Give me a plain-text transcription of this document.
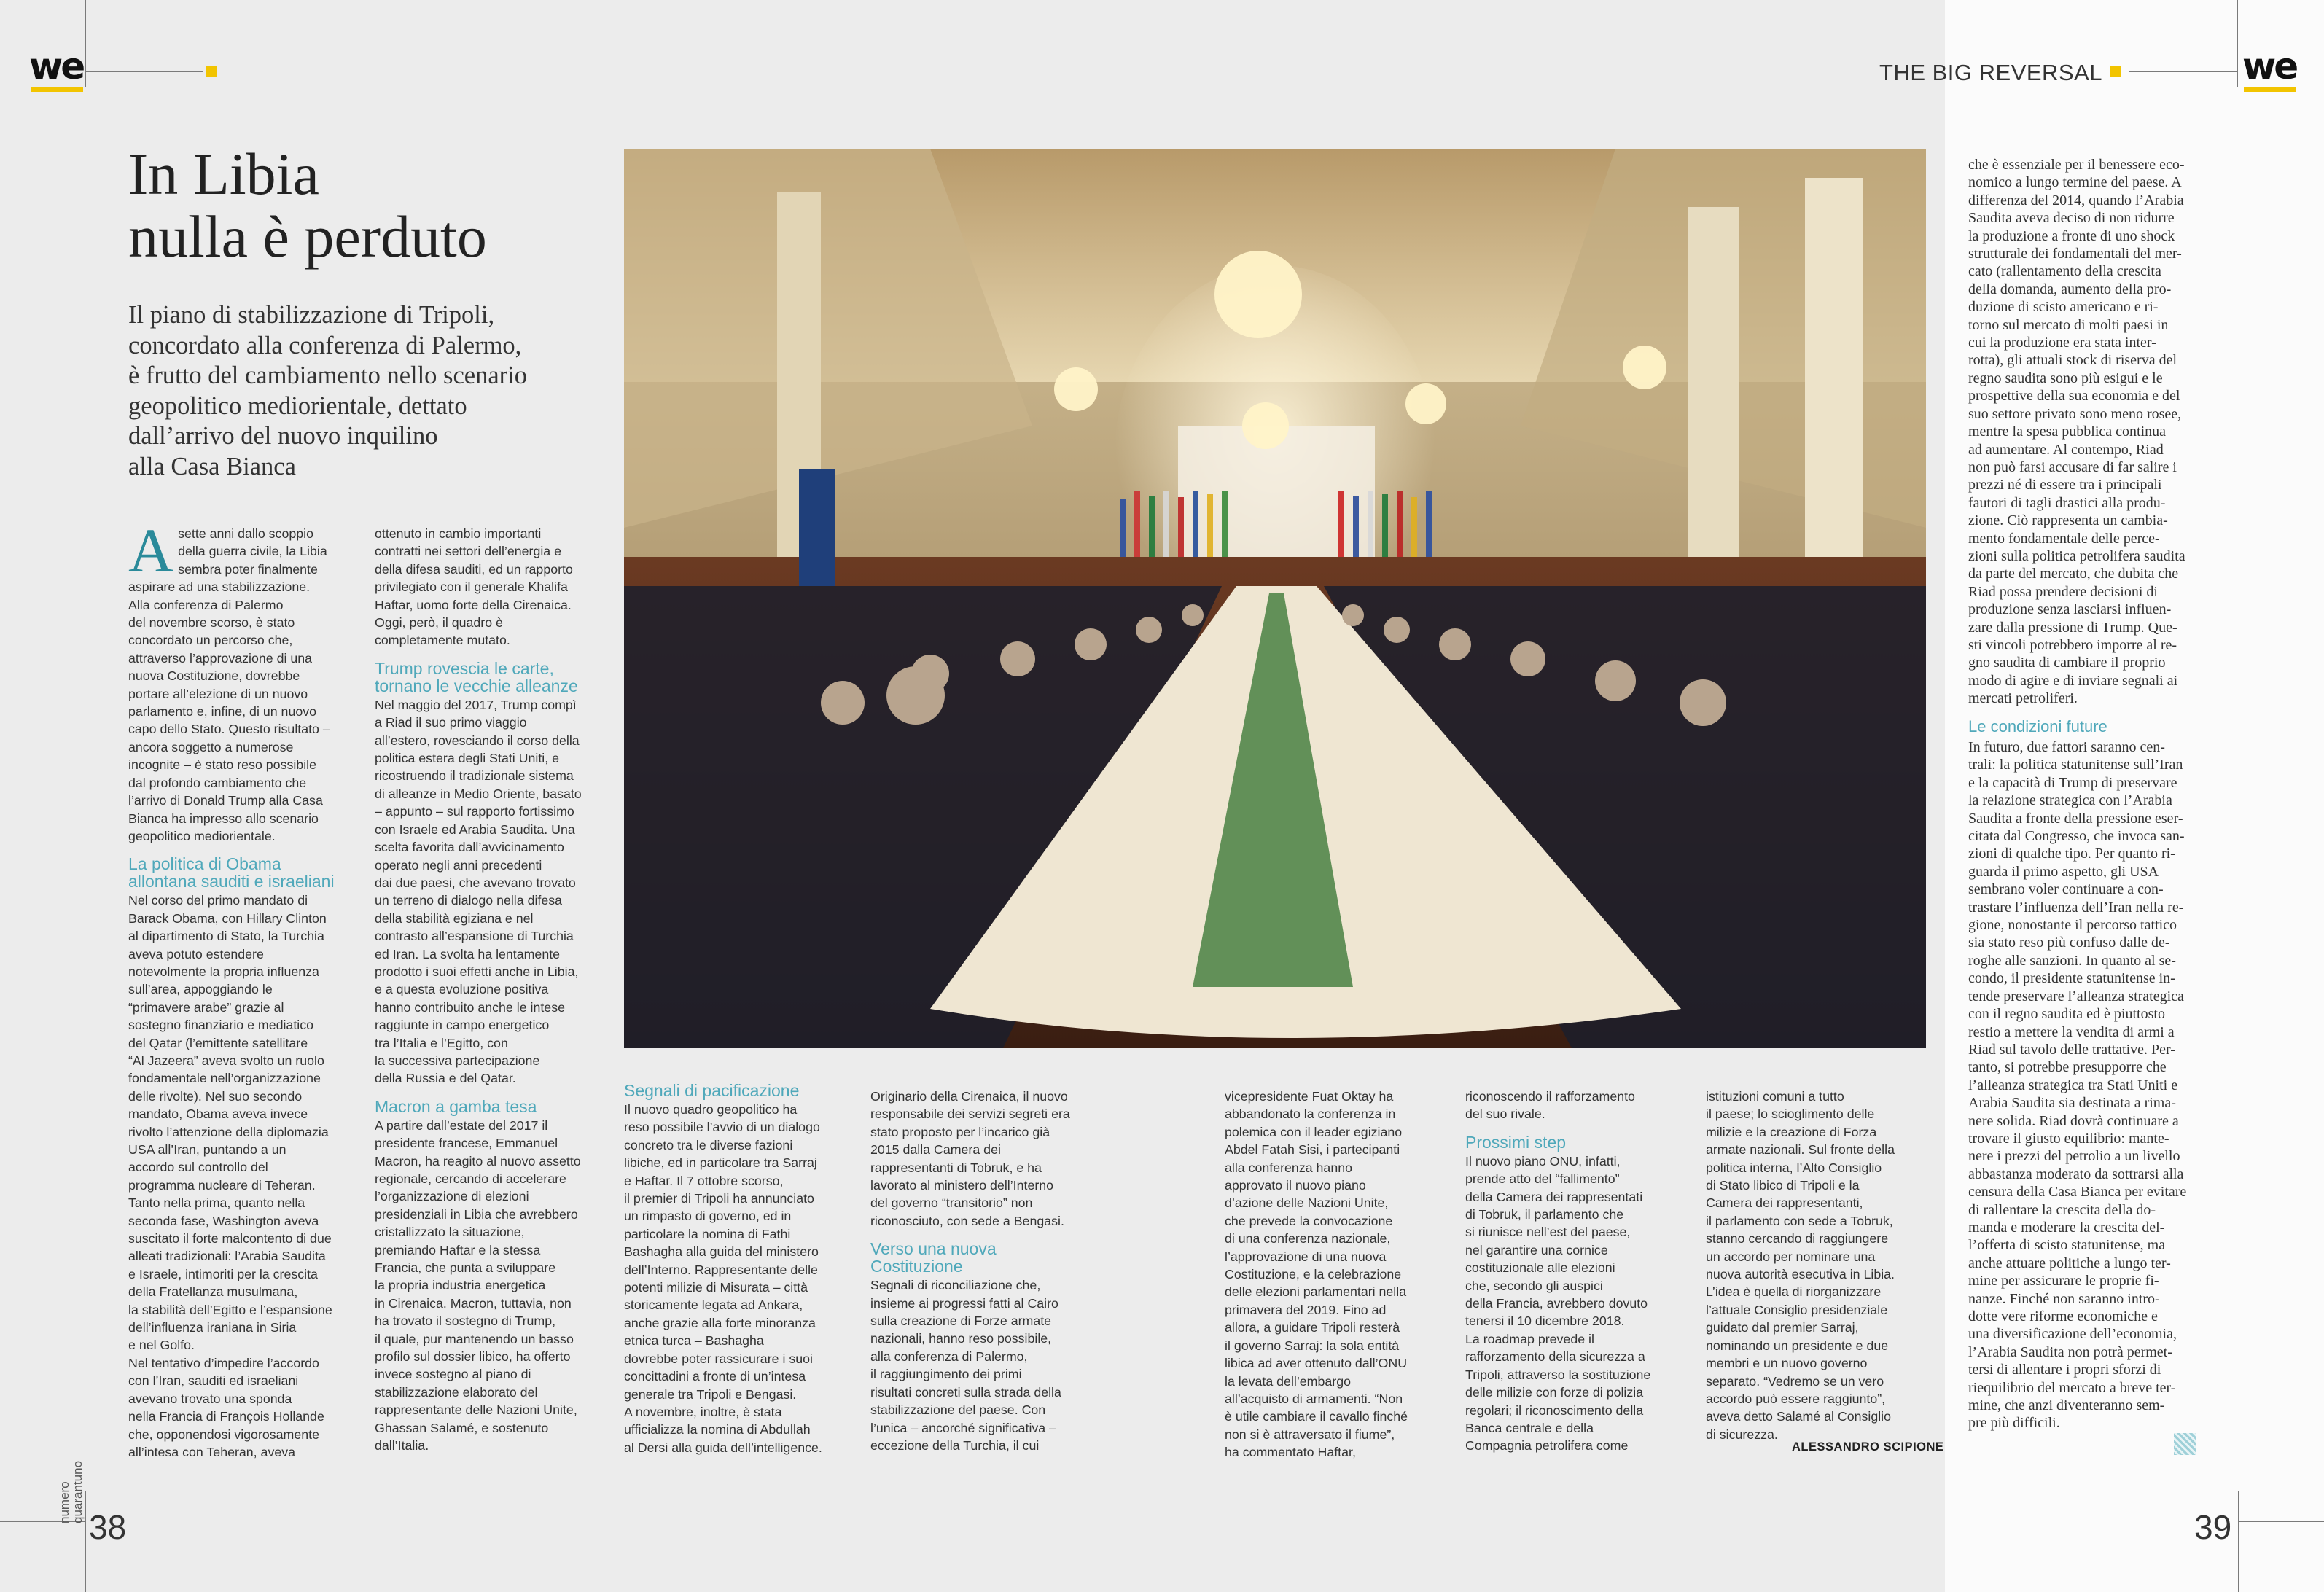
we	we
THE BIG REVERSAL
In Libia
nulla è perduto
Il piano di stabilizzazione di Tripoli,
concordato alla conferenza di Palermo,
è frutto del cambiamento nello scenario
geopolitico mediorientale, dettato
dall’arrivo del nuovo inquilino
alla Casa Bianca
A sette anni dallo scoppio
della guerra civile, la Libia
sembra poter finalmente
aspirare ad una stabilizzazione.
Alla conferenza di Palermo
del novembre scorso, è stato
concordato un percorso che,
attraverso l’approvazione di una
nuova Costituzione, dovrebbe
portare all’elezione di un nuovo
parlamento e, infine, di un nuovo
capo dello Stato. Questo risultato –
ancora soggetto a numerose
incognite – è stato reso possibile
dal profondo cambiamento che
l’arrivo di Donald Trump alla Casa
Bianca ha impresso allo scenario
geopolitico mediorientale.
La politica di Obama
allontana sauditi e israeliani
Nel corso del primo mandato di
Barack Obama, con Hillary Clinton
al dipartimento di Stato, la Turchia
aveva potuto estendere
notevolmente la propria influenza
sull’area, appoggiando le
“primavere arabe” grazie al
sostegno finanziario e mediatico
del Qatar (l’emittente satellitare
“Al Jazeera” aveva svolto un ruolo
fondamentale nell’organizzazione
delle rivolte). Nel suo secondo
mandato, Obama aveva invece
rivolto l’attenzione della diplomazia
USA all’Iran, puntando a un
accordo sul controllo del
programma nucleare di Teheran.
Tanto nella prima, quanto nella
seconda fase, Washington aveva
suscitato il forte malcontento di due
alleati tradizionali: l’Arabia Saudita
e Israele, intimoriti per la crescita
della Fratellanza musulmana,
la stabilità dell’Egitto e l’espansione
dell’influenza iraniana in Siria
e nel Golfo.
Nel tentativo d’impedire l’accordo
con l’Iran, sauditi ed israeliani
avevano trovato una sponda
nella Francia di François Hollande
che, opponendosi vigorosamente
all’intesa con Teheran, aveva
ottenuto in cambio importanti
contratti nei settori dell’energia e
della difesa sauditi, ed un rapporto
privilegiato con il generale Khalifa
Haftar, uomo forte della Cirenaica.
Oggi, però, il quadro è
completamente mutato.
Trump rovescia le carte,
tornano le vecchie alleanze
Nel maggio del 2017, Trump compì
a Riad il suo primo viaggio
all’estero, rovesciando il corso della
politica estera degli Stati Uniti, e
ricostruendo il tradizionale sistema
di alleanze in Medio Oriente, basato
– appunto – sul rapporto fortissimo
con Israele ed Arabia Saudita. Una
scelta favorita dall’avvicinamento
operato negli anni precedenti
dai due paesi, che avevano trovato
un terreno di dialogo nella difesa
della stabilità egiziana e nel
contrasto all’espansione di Turchia
ed Iran. La svolta ha lentamente
prodotto i suoi effetti anche in Libia,
e a questa evoluzione positiva
hanno contribuito anche le intese
raggiunte in campo energetico
tra l’Italia e l’Egitto, con
la successiva partecipazione
della Russia e del Qatar.
Macron a gamba tesa
A partire dall’estate del 2017 il
presidente francese, Emmanuel
Macron, ha reagito al nuovo assetto
regionale, cercando di accelerare
l’organizzazione di elezioni
presidenziali in Libia che avrebbero
cristallizzato la situazione,
premiando Haftar e la stessa
Francia, che punta a sviluppare
la propria industria energetica
in Cirenaica. Macron, tuttavia, non
ha trovato il sostegno di Trump,
il quale, pur mantenendo un basso
profilo sul dossier libico, ha offerto
invece sostegno al piano di
stabilizzazione elaborato del
rappresentante delle Nazioni Unite,
Ghassan Salamé, e sostenuto
dall’Italia.
Segnali di pacificazione
Il nuovo quadro geopolitico ha
reso possibile l’avvio di un dialogo
concreto tra le diverse fazioni
libiche, ed in particolare tra Sarraj
e Haftar. Il 7 ottobre scorso,
il premier di Tripoli ha annunciato
un rimpasto di governo, ed in
particolare la nomina di Fathi
Bashagha alla guida del ministero
dell’Interno. Rappresentante delle
potenti milizie di Misurata – città
storicamente legata ad Ankara,
anche grazie alla forte minoranza
etnica turca – Bashagha
dovrebbe poter rassicurare i suoi
concittadini a fronte di un’intesa
generale tra Tripoli e Bengasi.
A novembre, inoltre, è stata
ufficializza la nomina di Abdullah
al Dersi alla guida dell’intelligence.
Originario della Cirenaica, il nuovo
responsabile dei servizi segreti era
stato proposto per l’incarico già
2015 dalla Camera dei
rappresentanti di Tobruk, e ha
lavorato al ministero dell’Interno
del governo “transitorio” non
riconosciuto, con sede a Bengasi.
Verso una nuova
Costituzione
Segnali di riconciliazione che,
insieme ai progressi fatti al Cairo
sulla creazione di Forze armate
nazionali, hanno reso possibile,
alla conferenza di Palermo,
il raggiungimento dei primi
risultati concreti sulla strada della
stabilizzazione del paese. Con
l’unica – ancorché significativa –
eccezione della Turchia, il cui
vicepresidente Fuat Oktay ha
abbandonato la conferenza in
polemica con il leader egiziano
Abdel Fatah Sisi, i partecipanti
alla conferenza hanno
approvato il nuovo piano
d’azione delle Nazioni Unite,
che prevede la convocazione
di una conferenza nazionale,
l’approvazione di una nuova
Costituzione, e la celebrazione
delle elezioni parlamentari nella
primavera del 2019. Fino ad
allora, a guidare Tripoli resterà
il governo Sarraj: la sola entità
libica ad aver ottenuto dall’ONU
la levata dell’embargo
all’acquisto di armamenti. “Non
è utile cambiare il cavallo finché
non si è attraversato il fiume”,
ha commentato Haftar,
riconoscendo il rafforzamento
del suo rivale.
Prossimi step
Il nuovo piano ONU, infatti,
prende atto del “fallimento”
della Camera dei rappresentati
di Tobruk, il parlamento che
si riunisce nell’est del paese,
nel garantire una cornice
costituzionale alle elezioni
che, secondo gli auspici
della Francia, avrebbero dovuto
tenersi il 10 dicembre 2018.
La roadmap prevede il
rafforzamento della sicurezza a
Tripoli, attraverso la sostituzione
delle milizie con forze di polizia
regolari; il riconoscimento della
Banca centrale e della
Compagnia petrolifera come
istituzioni comuni a tutto
il paese; lo scioglimento delle
milizie e la creazione di Forza
armate nazionali. Sul fronte della
politica interna, l’Alto Consiglio
di Stato libico di Tripoli e la
Camera dei rappresentanti,
il parlamento con sede a Tobruk,
stanno cercando di raggiungere
un accordo per nominare una
nuova autorità esecutiva in Libia.
L’idea è quella di riorganizzare
l’attuale Consiglio presidenziale
guidato dal premier Sarraj,
nominando un presidente e due
membri e un nuovo governo
separato. “Vedremo se un vero
accordo può essere raggiunto”,
aveva detto Salamé al Consiglio
di sicurezza.
ALESSANDRO SCIPIONE
che è essenziale per il benessere eco-
nomico a lungo termine del paese. A
differenza del 2014, quando l’Arabia
Saudita aveva deciso di non ridurre
la produzione a fronte di uno shock
strutturale dei fondamentali del mer-
cato (rallentamento della crescita
della domanda, aumento della pro-
duzione di scisto americano e ri-
torno sul mercato di molti paesi in
cui la produzione era stata inter-
rotta), gli attuali stock di riserva del
regno saudita sono più esigui e le
prospettive della sua economia e del
suo settore privato sono meno rosee,
mentre la spesa pubblica continua
ad aumentare. Al contempo, Riad
non può farsi accusare di far salire i
prezzi né di essere tra i principali
fautori di tagli drastici alla produ-
zione. Ciò rappresenta un cambia-
mento fondamentale delle perce-
zioni sulla politica petrolifera saudita
da parte del mercato, che dubita che
Riad possa prendere decisioni di
produzione senza lasciarsi influen-
zare dalla pressione di Trump. Que-
sti vincoli potrebbero imporre al re-
gno saudita di cambiare il proprio
modo di agire e di inviare segnali ai
mercati petroliferi.
Le condizioni future
In futuro, due fattori saranno cen-
trali: la politica statunitense sull’Iran
e la capacità di Trump di preservare
la relazione strategica con l’Arabia
Saudita a fronte della pressione eser-
citata dal Congresso, che invoca san-
zioni di qualche tipo. Per quanto ri-
guarda il primo aspetto, gli USA
sembrano voler continuare a con-
trastare l’influenza dell’Iran nella re-
gione, nonostante il percorso tattico
sia stato reso più confuso dalle de-
roghe alle sanzioni. In quanto al se-
condo, il presidente statunitense in-
tende preservare l’alleanza strategica
con il regno saudita ed è piuttosto
restio a mettere la vendita di armi a
Riad sul tavolo delle trattative. Per-
tanto, si potrebbe presupporre che
l’alleanza strategica tra Stati Uniti e
Arabia Saudita sia destinata a rima-
nere solida. Riad dovrà continuare a
trovare il giusto equilibrio: mante-
nere i prezzi del petrolio a un livello
abbastanza moderato da sottrarsi alla
censura della Casa Bianca per evitare
di rallentare la crescita della do-
manda e moderare la crescita del-
l’offerta di scisto statunitense, ma
anche attuare politiche a lungo ter-
mine per assicurare le proprie fi-
nanze. Finché non saranno intro-
dotte vere riforme economiche e
una diversificazione dell’economia,
l’Arabia Saudita non potrà permet-
tersi di allentare i propri sforzi di
riequilibrio del mercato a breve ter-
mine, che anzi diventeranno sem-
pre più difficili.
numero quarantuno
38	39
